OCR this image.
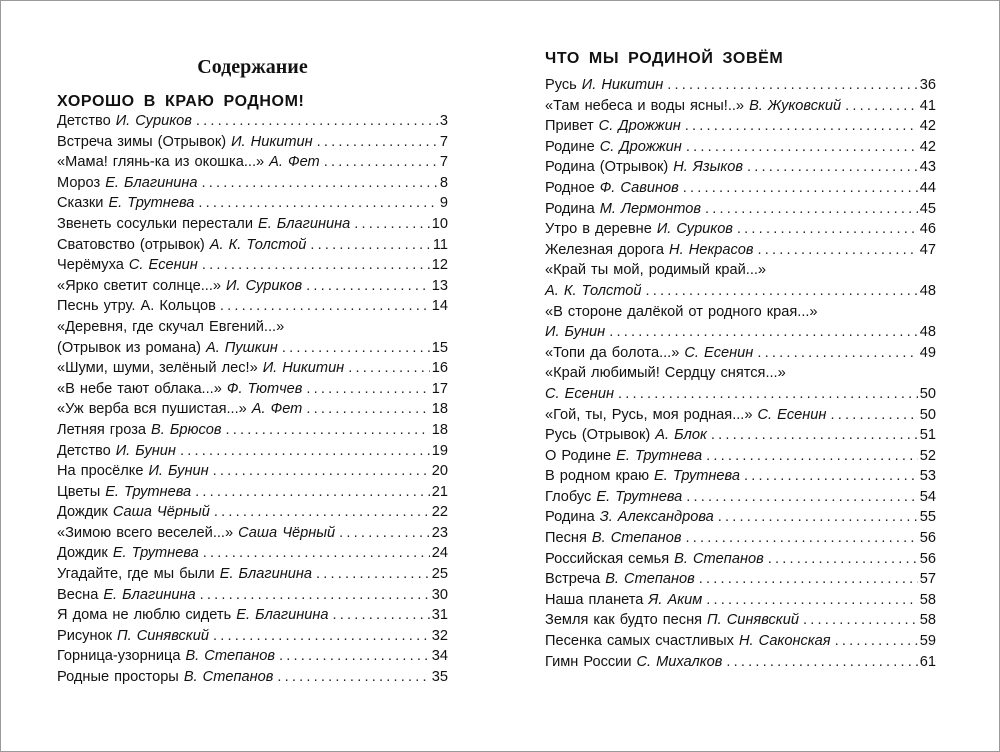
Содержание
ХОРОШО В КРАЮ РОДНОМ!
Детство И. Суриков .....	3
Встреча зимы (Отрывок) И. Никитин .....	7
«Мама! глянь-ка из окошка...» А. Фет .....	7
Мороз Е. Благинина .....	8
Сказки Е. Трутнева .....	9
Звенеть сосульки перестали Е. Благинина .....	10
Сватовство (отрывок) А. К. Толстой .....	11
Черёмуха С. Есенин .....	12
«Ярко светит солнце...» И. Суриков .....	13
Песнь утру. А. Кольцов .....	14
«Деревня, где скучал Евгений...»
(Отрывок из романа) А. Пушкин .....	15
«Шуми, шуми, зелёный лес!» И. Никитин .....	16
«В небе тают облака...» Ф. Тютчев .....	17
«Уж верба вся пушистая...» А. Фет .....	18
Летняя гроза В. Брюсов .....	18
Детство И. Бунин .....	19
На просёлке И. Бунин .....	20
Цветы Е. Трутнева .....	21
Дождик Саша Чёрный .....	22
«Зимою всего веселей...» Саша Чёрный .....	23
Дождик Е. Трутнева .....	24
Угадайте, где мы были Е. Благинина .....	25
Весна Е. Благинина .....	30
Я дома не люблю сидеть Е. Благинина .....	31
Рисунок П. Синявский .....	32
Горница-узорница В. Степанов .....	34
Родные просторы В. Степанов .....	35
ЧТО МЫ РОДИНОЙ ЗОВЁМ
Русь И. Никитин .....	36
«Там небеса и воды ясны!..» В. Жуковский .....	41
Привет С. Дрожжин .....	42
Родине С. Дрожжин .....	42
Родина (Отрывок) Н. Языков .....	43
Родное Ф. Савинов .....	44
Родина М. Лермонтов .....	45
Утро в деревне И. Суриков .....	46
Железная дорога Н. Некрасов .....	47
«Край ты мой, родимый край...»
А. К. Толстой .....	48
«В стороне далёкой от родного края...»
И. Бунин .....	48
«Топи да болота...» С. Есенин .....	49
«Край любимый! Сердцу снятся...»
С. Есенин .....	50
«Гой, ты, Русь, моя родная...» С. Есенин .....	50
Русь (Отрывок) А. Блок .....	51
О Родине Е. Трутнева .....	52
В родном краю Е. Трутнева .....	53
Глобус Е. Трутнева .....	54
Родина З. Александрова .....	55
Песня В. Степанов .....	56
Российская семья В. Степанов .....	56
Встреча В. Степанов .....	57
Наша планета Я. Аким .....	58
Земля как будто песня П. Синявский .....	58
Песенка самых счастливых Н. Саконская .....	59
Гимн России С. Михалков .....	61
